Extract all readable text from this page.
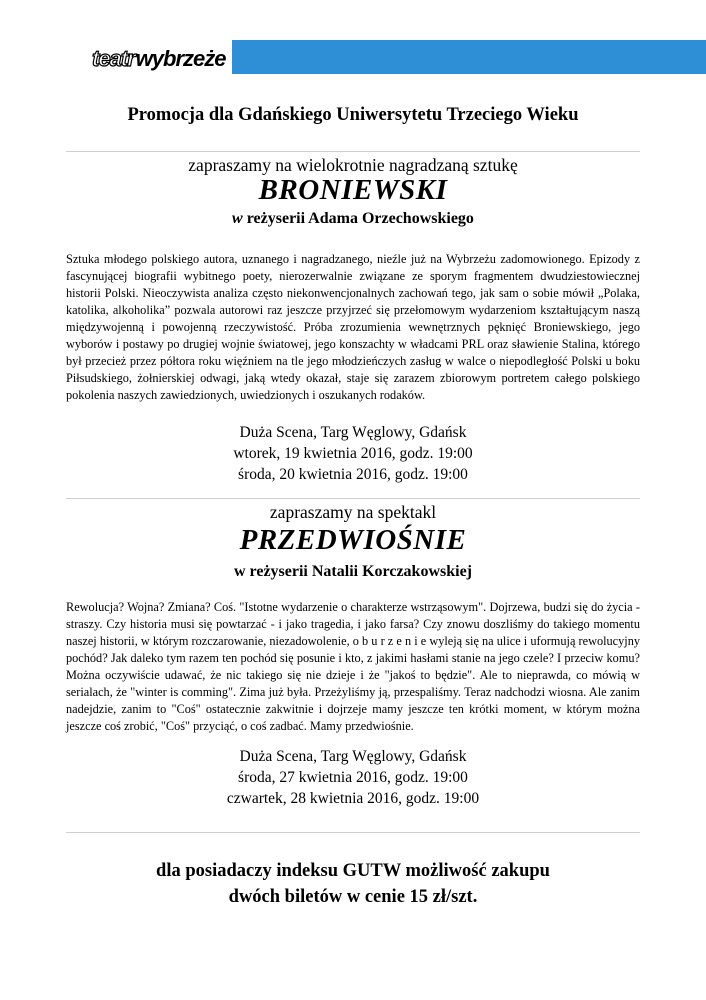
teatr wybrzeże
Promocja dla Gdańskiego Uniwersytetu Trzeciego Wieku
zapraszamy na wielokrotnie nagradzaną sztukę
BRONIEWSKI
w reżyserii Adama Orzechowskiego

Sztuka młodego polskiego autora, uznanego i nagradzanego, nieźle już na Wybrzeżu zadomowionego. Epizody z fascynującej biografii wybitnego poety, nierozerwalnie związane ze sporym fragmentem dwudziestowiecznej historii Polski. Nieoczywista analiza często niekonwencjonalnych zachowań tego, jak sam o sobie mówił „Polaka, katolika, alkoholika” pozwala autorowi raz jeszcze przyjrzeć się przełomowym wydarzeniom kształtującym naszą międzywojenną i powojenną rzeczywistość. Próba zrozumienia wewnętrznych pęknięć Broniewskiego, jego wyborów i postawy po drugiej wojnie światowej, jego konszachty w władcami PRL oraz sławienie Stalina, którego był przecież przez półtora roku więźniem na tle jego młodzieńczych zasług w walce o niepodległość Polski u boku Piłsudskiego, żołnierskiej odwagi, jaką wtedy okazał, staje się zarazem zbiorowym portretem całego polskiego pokolenia naszych zawiedzionych, uwiedzionych i oszukanych rodaków.

Duża Scena, Targ Węglowy, Gdańsk
wtorek, 19 kwietnia 2016, godz. 19:00
środa, 20 kwietnia 2016, godz. 19:00
zapraszamy na spektakl
PRZEDWIOŚNIE
w reżyserii Natalii Korczakowskiej

Rewolucja? Wojna? Zmiana? Coś. "Istotne wydarzenie o charakterze wstrząsowym". Dojrzewa, budzi się do życia - straszy. Czy historia musi się powtarzać - i jako tragedia, i jako farsa? Czy znowu doszliśmy do takiego momentu naszej historii, w którym rozczarowanie, niezadowolenie, o b u r z e n i e wyleją się na ulice i uformują rewolucyjny pochód? Jak daleko tym razem ten pochód się posunie i kto, z jakimi hasłami stanie na jego czele? I przeciw komu? Można oczywiście udawać, że nic takiego się nie dzieje i że "jakoś to będzie". Ale to nieprawda, co mówią w serialach, że "winter is comming". Zima już była. Przeżyliśmy ją, przespaliśmy. Teraz nadchodzi wiosna. Ale zanim nadejdzie, zanim to "Coś" ostatecznie zakwitnie i dojrzeje mamy jeszcze ten krótki moment, w którym można jeszcze coś zrobić, "Coś" przyciąć, o coś zadbać. Mamy przedwiośnie.

Duża Scena, Targ Węglowy, Gdańsk
środa, 27 kwietnia 2016, godz. 19:00
czwartek, 28 kwietnia 2016, godz. 19:00
dla posiadaczy indeksu GUTW możliwość zakupu
dwóch biletów w cenie 15 zł/szt.
